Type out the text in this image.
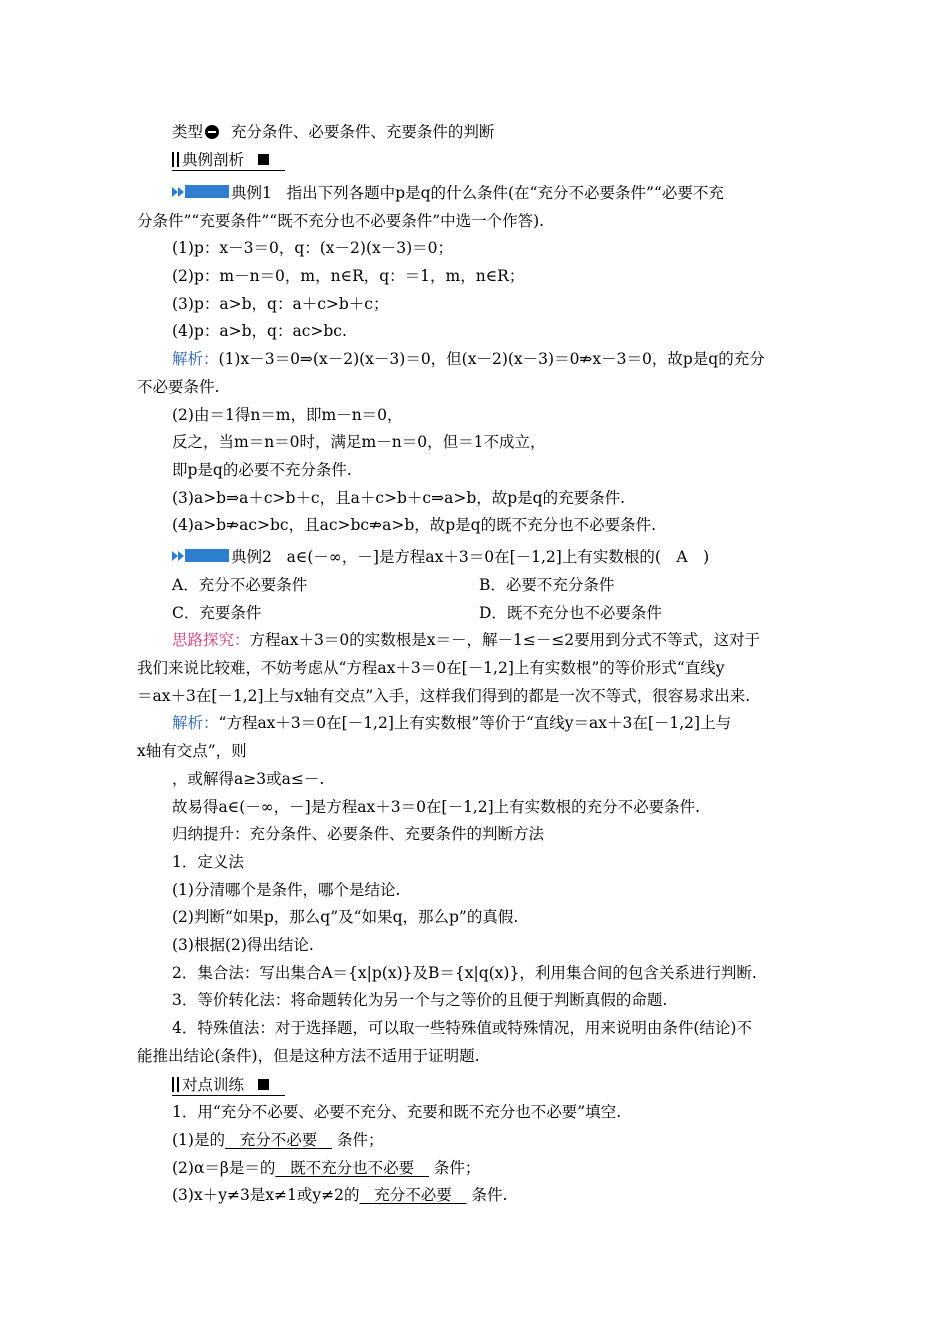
类型 充分条件、必要条件、充要条件的判断
典例剖析
典例1 指出下列各题中p是q的什么条件(在“充分不必要条件”“必要不充
分条件”“充要条件”“既不充分也不必要条件”中选一个作答).
(1)p：x－3＝0，q：(x－2)(x－3)＝0；
(2)p：m－n＝0，m，n∈R，q：＝1，m，n∈R；
(3)p：a>b，q：a＋c>b＋c；
(4)p：a>b，q：ac>bc.
解析：(1)x－3＝0⇒(x－2)(x－3)＝0，但(x－2)(x－3)＝0⇏x－3＝0，故p是q的充分
不必要条件.
(2)由＝1得n＝m，即m－n＝0，
反之，当m＝n＝0时，满足m－n＝0，但＝1不成立，
即p是q的必要不充分条件.
(3)a>b⇒a＋c>b＋c，且a＋c>b＋c⇒a>b，故p是q的充要条件.
(4)a>b⇏ac>bc，且ac>bc⇏a>b，故p是q的既不充分也不必要条件.
典例2 a∈(－∞，－]是方程ax＋3＝0在[－1,2]上有实数根的(　A　)
A．充分不必要条件	B．必要不充分条件
C．充要条件	D．既不充分也不必要条件
思路探究：方程ax＋3＝0的实数根是x＝－，解－1≤－≤2要用到分式不等式，这对于
我们来说比较难，不妨考虑从“方程ax＋3＝0在[－1,2]上有实数根”的等价形式“直线y
＝ax＋3在[－1,2]上与x轴有交点”入手，这样我们得到的都是一次不等式，很容易求出来.
解析：“方程ax＋3＝0在[－1,2]上有实数根”等价于“直线y＝ax＋3在[－1,2]上与
x轴有交点”，则
，或解得a≥3或a≤－.
故易得a∈(－∞，－]是方程ax＋3＝0在[－1,2]上有实数根的充分不必要条件.
归纳提升：充分条件、必要条件、充要条件的判断方法
1．定义法
(1)分清哪个是条件，哪个是结论.
(2)判断“如果p，那么q”及“如果q，那么p”的真假.
(3)根据(2)得出结论.
2．集合法：写出集合A＝{x|p(x)}及B＝{x|q(x)}，利用集合间的包含关系进行判断.
3．等价转化法：将命题转化为另一个与之等价的且便于判断真假的命题.
4．特殊值法：对于选择题，可以取一些特殊值或特殊情况，用来说明由条件(结论)不
能推出结论(条件)，但是这种方法不适用于证明题.
对点训练
1．用“充分不必要、必要不充分、充要和既不充分也不必要”填空.
(1)是的 充分不必要 条件；
(2)α＝β是＝的 既不充分也不必要 条件；
(3)x＋y≠3是x≠1或y≠2的 充分不必要 条件.
